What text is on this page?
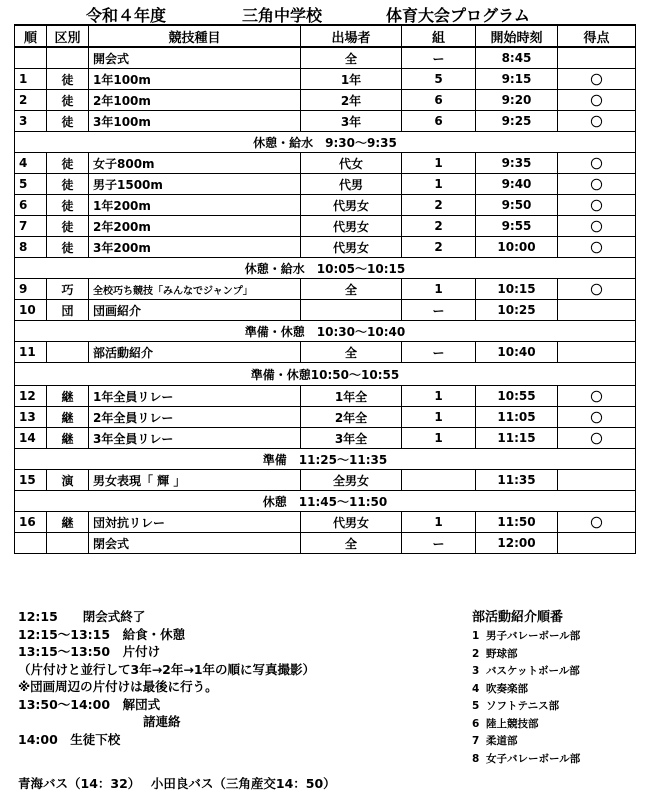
令和４年度	三角中学校	体育大会プログラム
順	区別	競技種目	出場者	組	開始時刻	得点
		開会式	全	ー	8:45	
1	徒	1年100m	1年	5	9:15	〇
2	徒	2年100m	2年	6	9:20	〇
3	徒	3年100m	3年	6	9:25	〇
休憩・給水　9:30～9:35						
4	徒	女子800m	代女	1	9:35	〇
5	徒	男子1500m	代男	1	9:40	〇
6	徒	1年200m	代男女	2	9:50	〇
7	徒	2年200m	代男女	2	9:55	〇
8	徒	3年200m	代男女	2	10:00	〇
休憩・給水　10:05～10:15						
9	巧	全校巧ち競技「みんなでジャンプ」	全	1	10:15	〇
10	団	団画紹介		ー	10:25	
準備・休憩　10:30～10:40						
11		部活動紹介	全	ー	10:40	
準備・休憩10:50～10:55						
12	継	1年全員リレー	1年全	1	10:55	〇
13	継	2年全員リレー	2年全	1	11:05	〇
14	継	3年全員リレー	3年全	1	11:15	〇
準備　11:25～11:35						
15	演	男女表現「 輝 」	全男女		11:35	
休憩　11:45～11:50						
16	継	団対抗リレー	代男女	1	11:50	〇
		閉会式	全	ー	12:00	
12:15　　閉会式終了
12:15～13:15　給食・休憩
13:15～13:50　片付け
（片付けと並行して3年→2年→1年の順に写真撮影）
※団画周辺の片付けは最後に行う。
13:50～14:00　解団式
　　　　　　　　　　諸連絡
14:00　生徒下校
部活動紹介順番
1 男子バレーボール部
2 野球部
3 バスケットボール部
4 吹奏楽部
5 ソフトテニス部
6 陸上競技部
7 柔道部
8 女子バレーボール部
青海バス（14：32）　 小田良バス（三角産交14：50）
